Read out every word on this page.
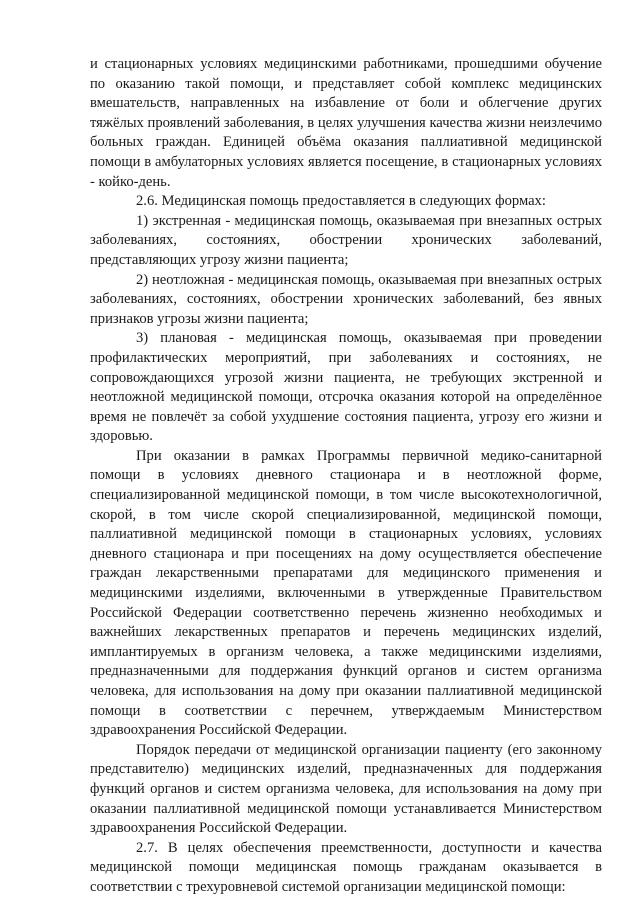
и стационарных условиях медицинскими работниками, прошедшими обучение по оказанию такой помощи, и представляет собой комплекс медицинских вмешательств, направленных на избавление от боли и облегчение других тяжёлых проявлений заболевания, в целях улучшения качества жизни неизлечимо больных граждан. Единицей объёма оказания паллиативной медицинской помощи в амбулаторных условиях является посещение, в стационарных условиях - койко-день.

2.6. Медицинская помощь предоставляется в следующих формах:

1) экстренная - медицинская помощь, оказываемая при внезапных острых заболеваниях, состояниях, обострении хронических заболеваний, представляющих угрозу жизни пациента;

2) неотложная - медицинская помощь, оказываемая при внезапных острых заболеваниях, состояниях, обострении хронических заболеваний, без явных признаков угрозы жизни пациента;

3) плановая - медицинская помощь, оказываемая при проведении профилактических мероприятий, при заболеваниях и состояниях, не сопровождающихся угрозой жизни пациента, не требующих экстренной и неотложной медицинской помощи, отсрочка оказания которой на определённое время не повлечёт за собой ухудшение состояния пациента, угрозу его жизни и здоровью.

При оказании в рамках Программы первичной медико-санитарной помощи в условиях дневного стационара и в неотложной форме, специализированной медицинской помощи, в том числе высокотехнологичной, скорой, в том числе скорой специализированной, медицинской помощи, паллиативной медицинской помощи в стационарных условиях, условиях дневного стационара и при посещениях на дому осуществляется обеспечение граждан лекарственными препаратами для медицинского применения и медицинскими изделиями, включенными в утвержденные Правительством Российской Федерации соответственно перечень жизненно необходимых и важнейших лекарственных препаратов и перечень медицинских изделий, имплантируемых в организм человека, а также медицинскими изделиями, предназначенными для поддержания функций органов и систем организма человека, для использования на дому при оказании паллиативной медицинской помощи в соответствии с перечнем, утверждаемым Министерством здравоохранения Российской Федерации.

Порядок передачи от медицинской организации пациенту (его законному представителю) медицинских изделий, предназначенных для поддержания функций органов и систем организма человека, для использования на дому при оказании паллиативной медицинской помощи устанавливается Министерством здравоохранения Российской Федерации.

2.7. В целях обеспечения преемственности, доступности и качества медицинской помощи медицинская помощь гражданам оказывается в соответствии с трехуровневой системой организации медицинской помощи:
